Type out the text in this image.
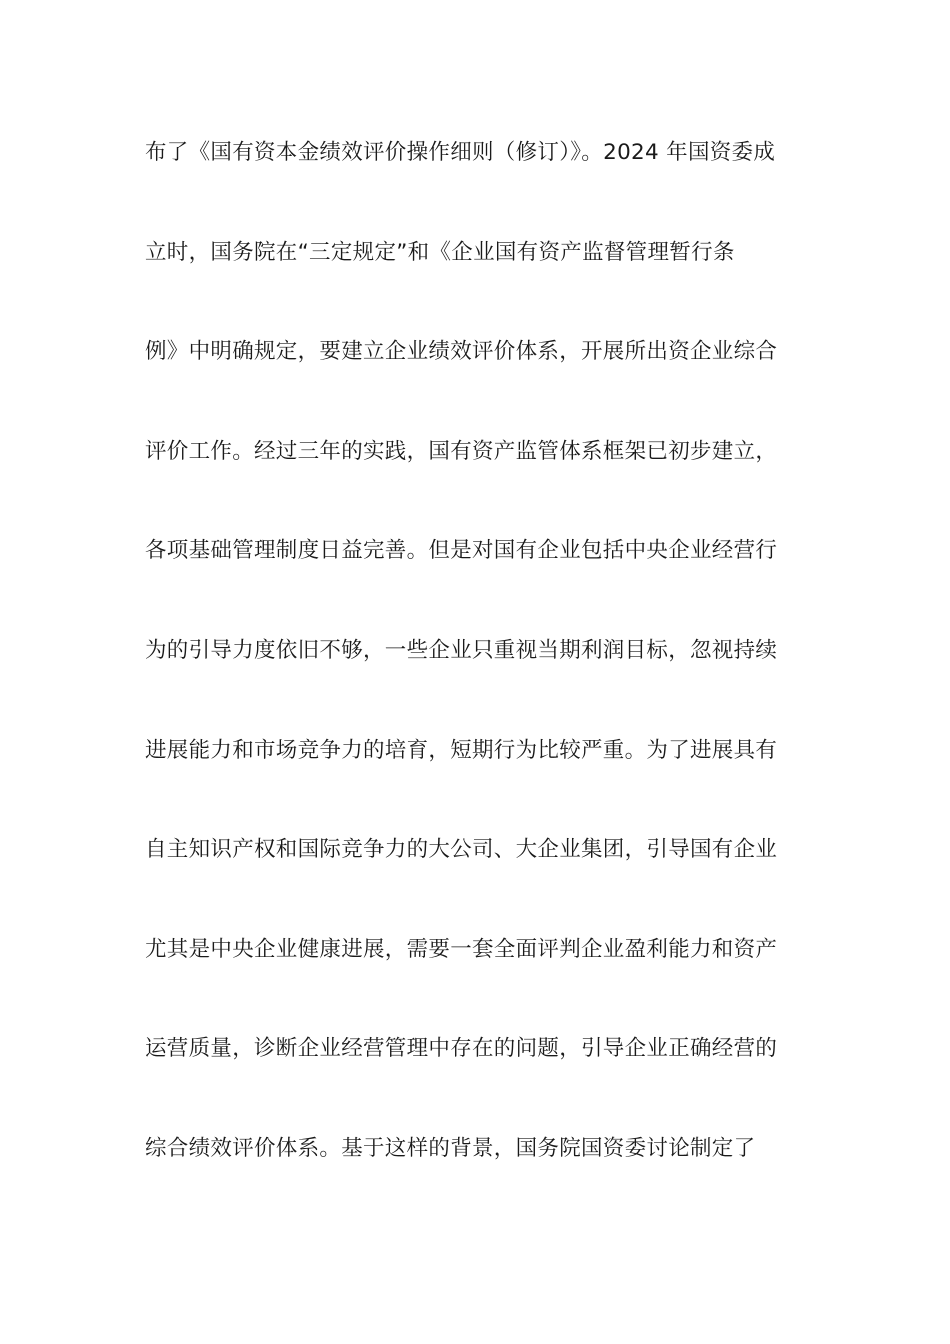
布了《国有资本金绩效评价操作细则（修订）》。2024 年国资委成
立时，国务院在“三定规定”和《企业国有资产监督管理暂行条
例》中明确规定，要建立企业绩效评价体系，开展所出资企业综合
评价工作。经过三年的实践，国有资产监管体系框架已初步建立，
各项基础管理制度日益完善。但是对国有企业包括中央企业经营行
为的引导力度依旧不够，一些企业只重视当期利润目标，忽视持续
进展能力和市场竞争力的培育，短期行为比较严重。为了进展具有
自主知识产权和国际竞争力的大公司、大企业集团，引导国有企业
尤其是中央企业健康进展，需要一套全面评判企业盈利能力和资产
运营质量，诊断企业经营管理中存在的问题，引导企业正确经营的
综合绩效评价体系。基于这样的背景，国务院国资委讨论制定了
